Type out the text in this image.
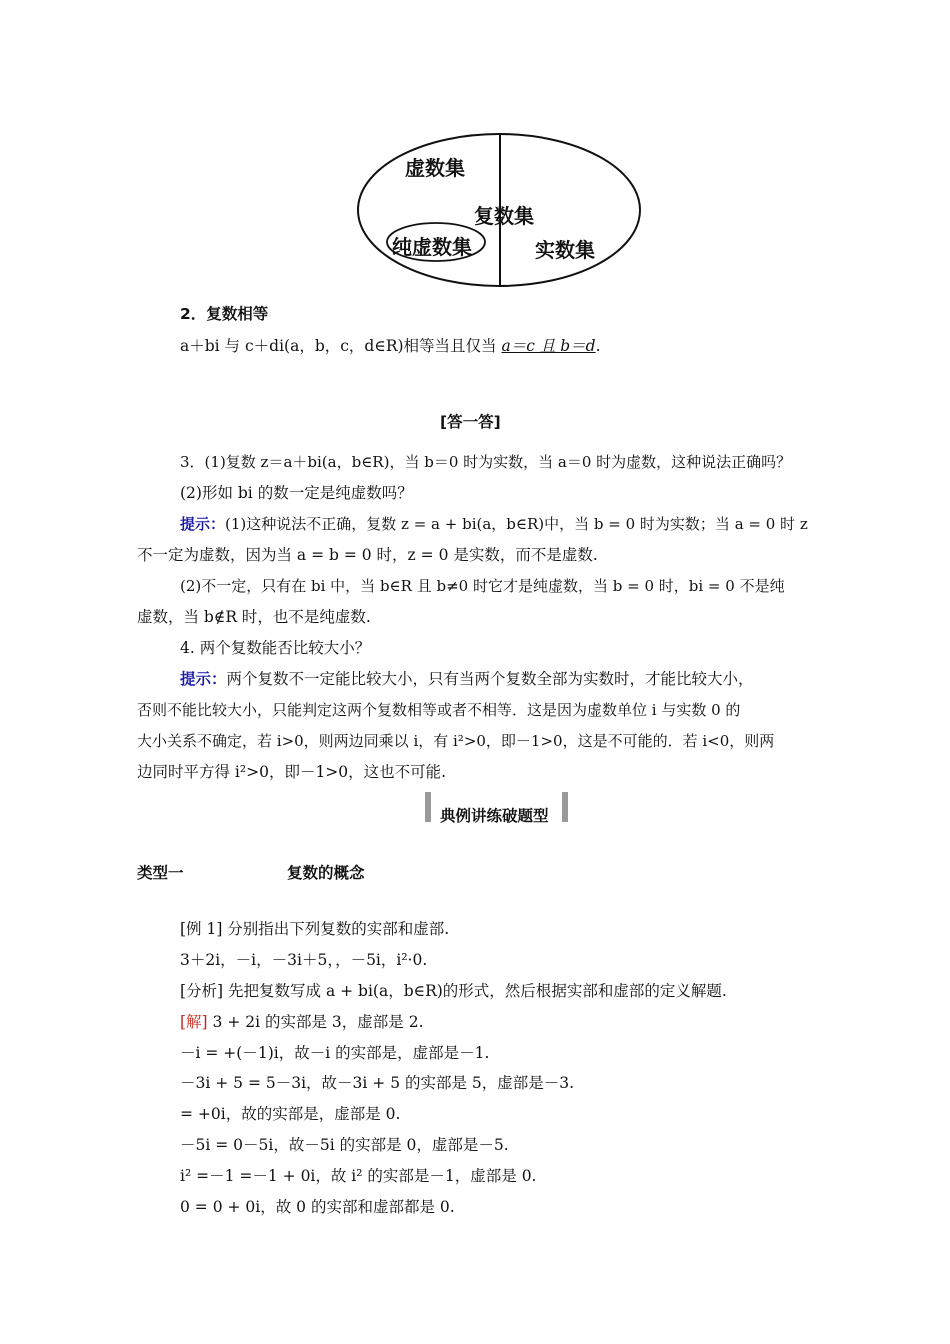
虚数集
复数集
纯虚数集	实数集
2．复数相等
a＋bi 与 c＋di(a，b，c，d∈R)相等当且仅当 a＝c 且 b＝d.
[答一答]
3．(1)复数 z＝a＋bi(a，b∈R)，当 b＝0 时为实数，当 a＝0 时为虚数，这种说法正确吗？
(2)形如 bi 的数一定是纯虚数吗？
提示：(1)这种说法不正确，复数 z = a + bi(a，b∈R)中，当 b = 0 时为实数；当 a = 0 时 z
不一定为虚数，因为当 a = b = 0 时，z = 0 是实数，而不是虚数.
(2)不一定，只有在 bi 中，当 b∈R 且 b≠0 时它才是纯虚数，当 b = 0 时，bi = 0 不是纯
虚数，当 b∉R 时，也不是纯虚数.
4. 两个复数能否比较大小？
提示：两个复数不一定能比较大小，只有当两个复数全部为实数时，才能比较大小，
否则不能比较大小，只能判定这两个复数相等或者不相等．这是因为虚数单位 i 与实数 0 的
大小关系不确定，若 i>0，则两边同乘以 i，有 i²>0，即－1>0，这是不可能的．若 i<0，则两
边同时平方得 i²>0，即－1>0，这也不可能.
典例讲练破题型
类型一	复数的概念
[例 1] 分别指出下列复数的实部和虚部.
3＋2i，－i，－3i＋5，，－5i，i²·0.
[分析] 先把复数写成 a + bi(a，b∈R)的形式，然后根据实部和虚部的定义解题.
[解] 3 + 2i 的实部是 3，虚部是 2.
－i = +(－1)i，故－i 的实部是，虚部是－1.
－3i + 5 = 5－3i，故－3i + 5 的实部是 5，虚部是－3.
= +0i，故的实部是，虚部是 0.
－5i = 0－5i，故－5i 的实部是 0，虚部是－5.
i² =－1 =－1 + 0i，故 i² 的实部是－1，虚部是 0.
0 = 0 + 0i，故 0 的实部和虚部都是 0.
